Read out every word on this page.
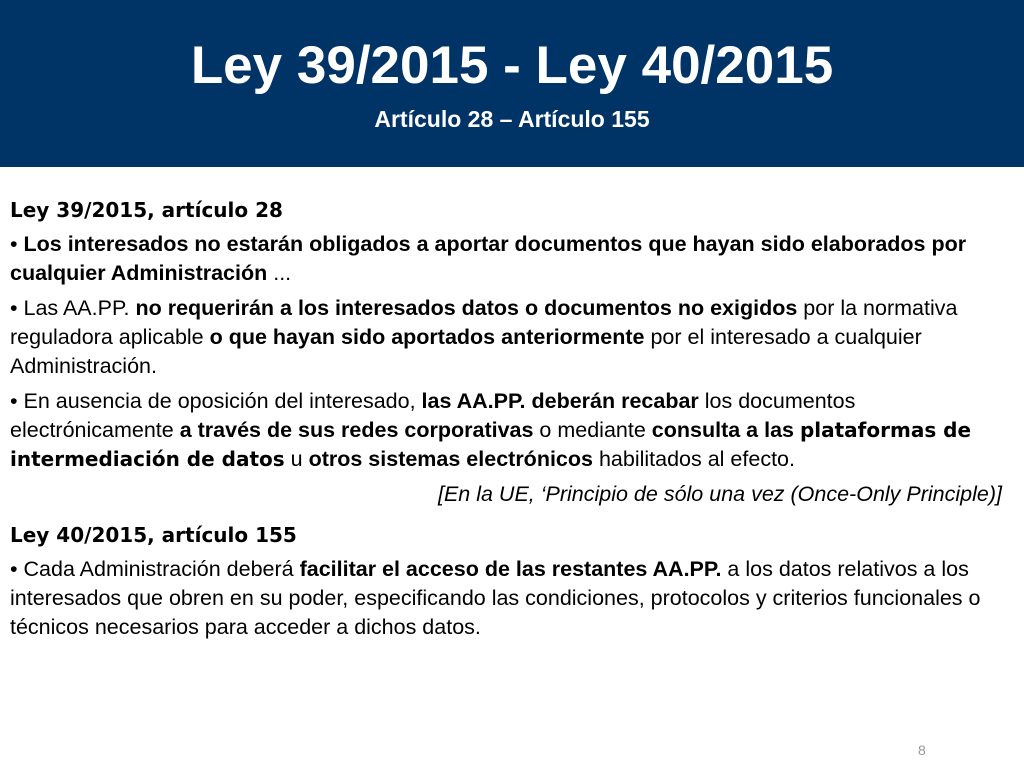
Ley 39/2015 - Ley 40/2015
Artículo 28 – Artículo 155
Ley 39/2015, artículo 28
• Los interesados no estarán obligados a aportar documentos que hayan sido elaborados por cualquier Administración ...
• Las AA.PP. no requerirán a los interesados datos o documentos no exigidos por la normativa reguladora aplicable o que hayan sido aportados anteriormente por el interesado a cualquier Administración.
• En ausencia de oposición del interesado, las AA.PP. deberán recabar los documentos electrónicamente a través de sus redes corporativas o mediante consulta a las plataformas de intermediación de datos u otros sistemas electrónicos habilitados al efecto.
[En la UE, ‘Principio de sólo una vez (Once-Only Principle)]
Ley 40/2015, artículo 155
• Cada Administración deberá facilitar el acceso de las restantes AA.PP. a los datos relativos a los interesados que obren en su poder, especificando las condiciones, protocolos y criterios funcionales o técnicos necesarios para acceder a dichos datos.
8
